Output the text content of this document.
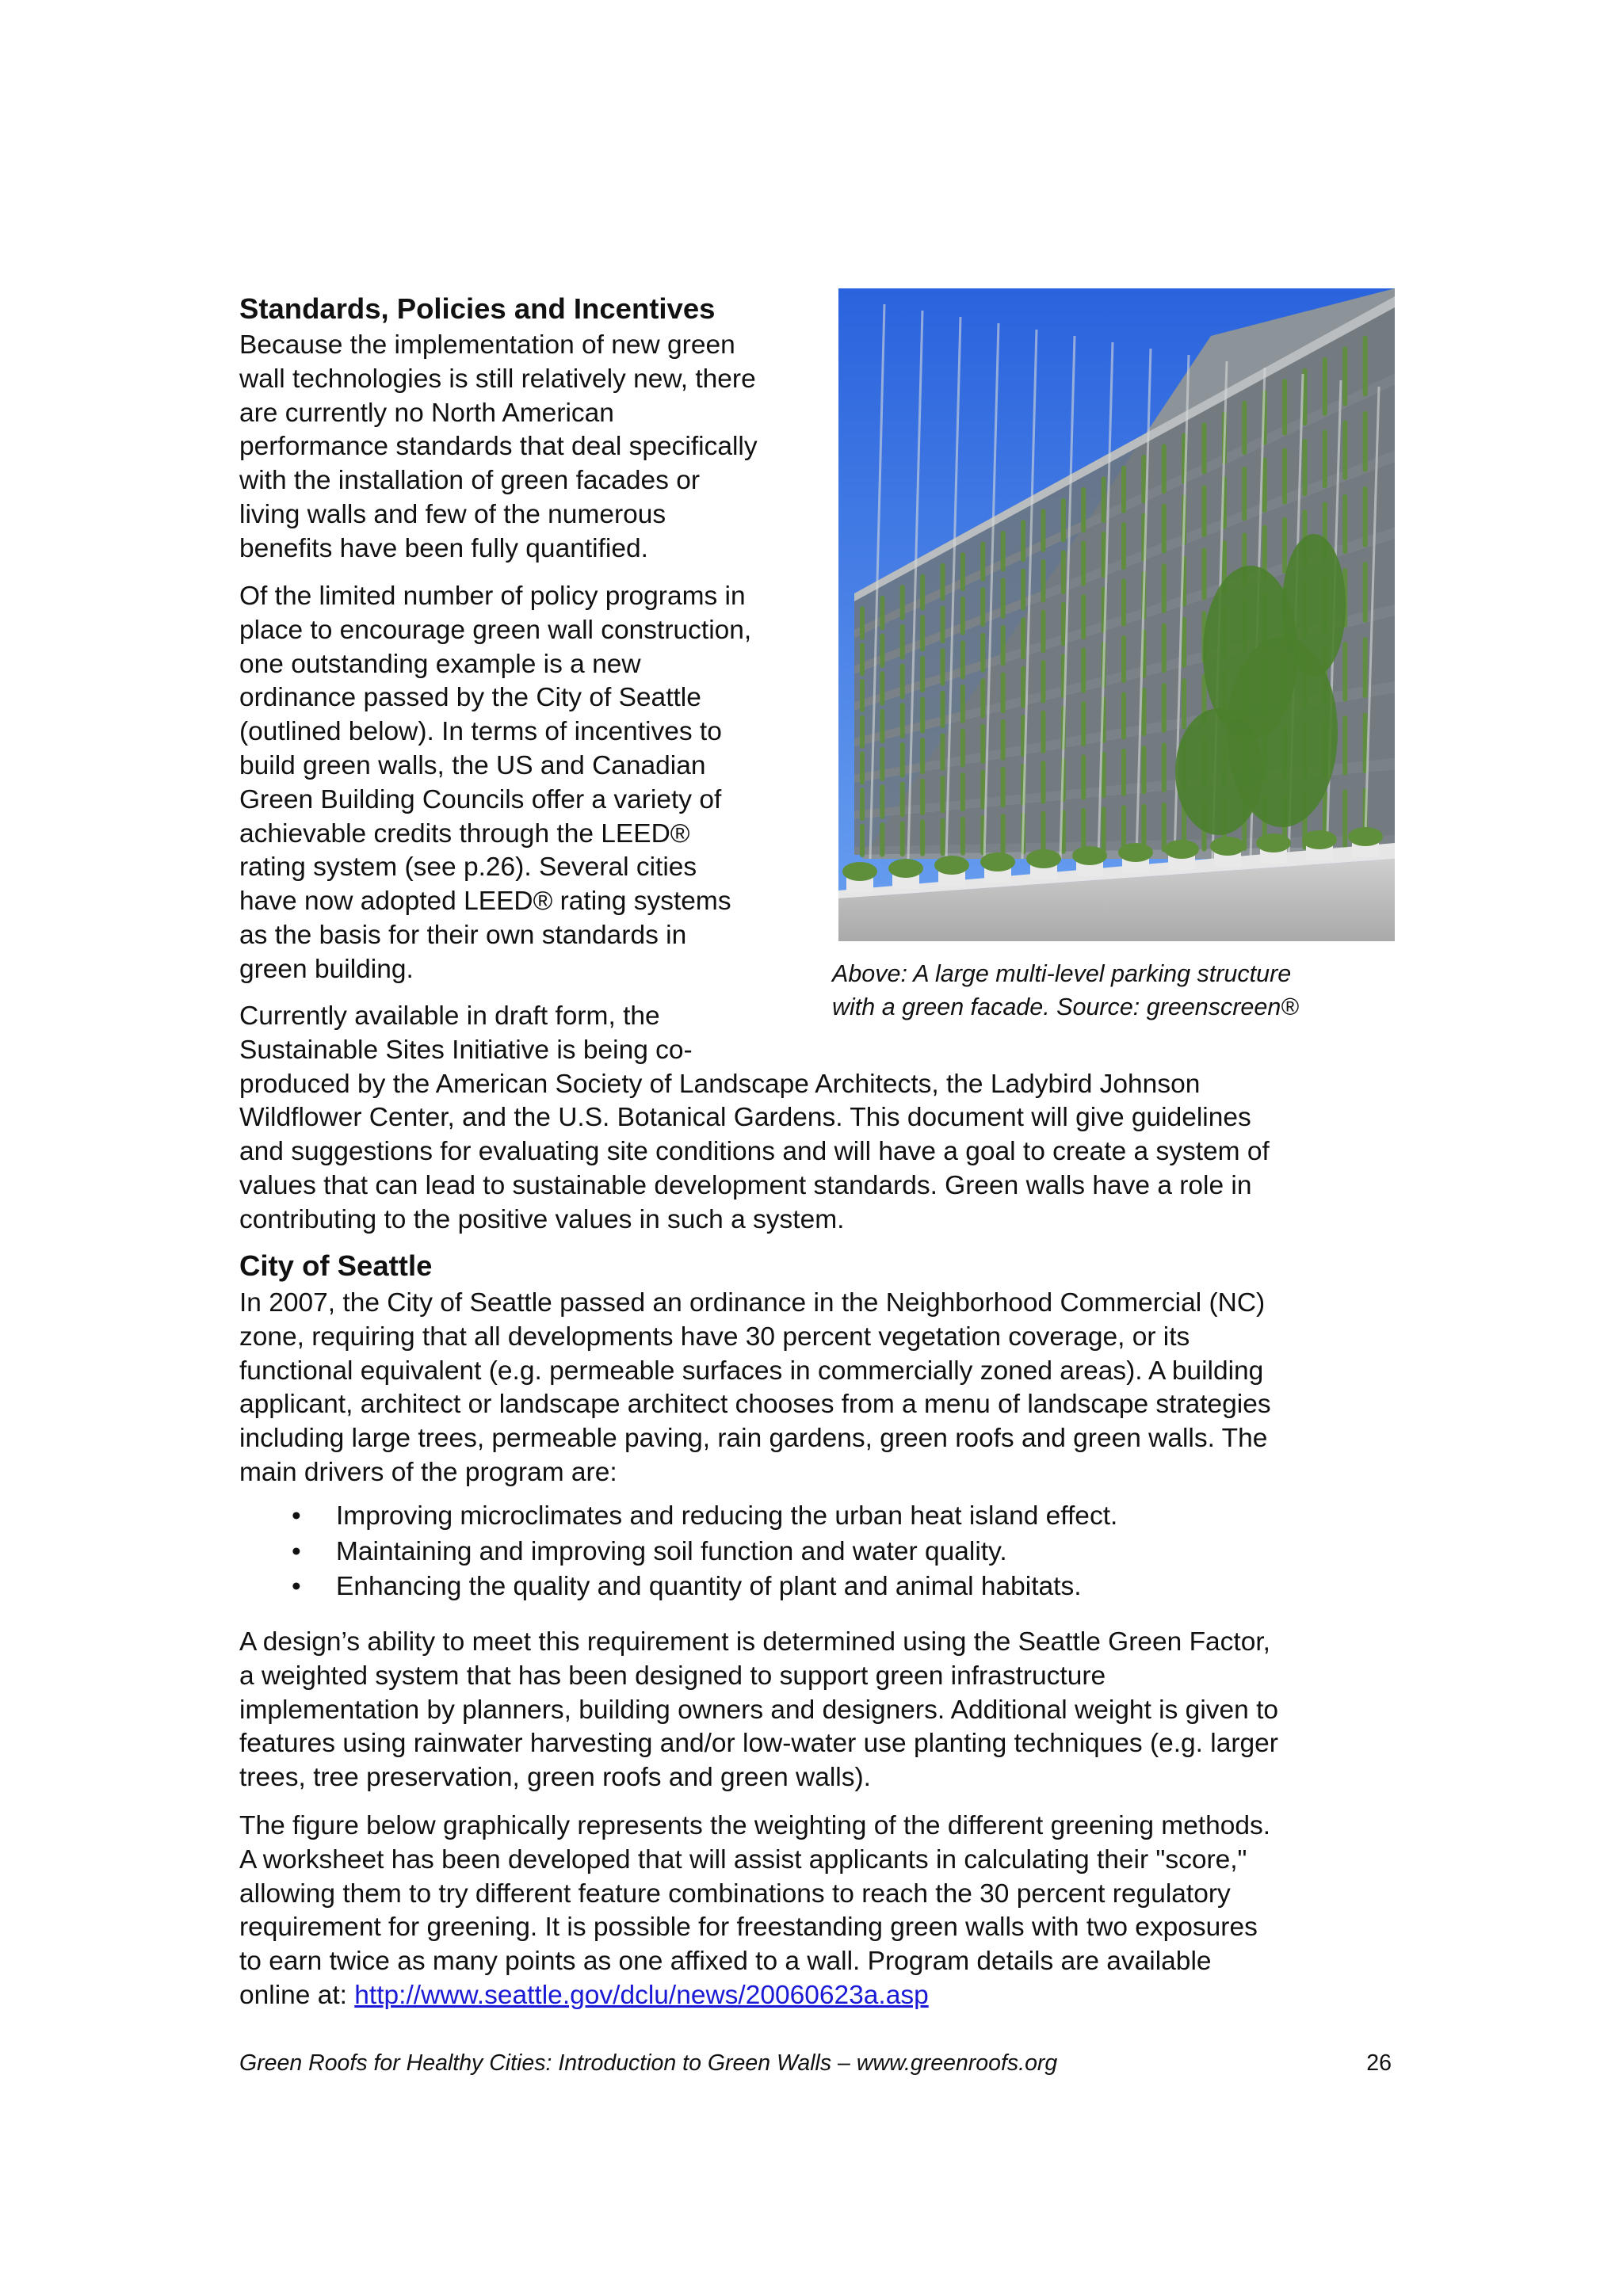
Standards, Policies and Incentives

Because the implementation of new green
wall technologies is still relatively new, there
are currently no North American
performance standards that deal specifically
with the installation of green facades or
living walls and few of the numerous
benefits have been fully quantified.

Of the limited number of policy programs in
place to encourage green wall construction,
one outstanding example is a new
ordinance passed by the City of Seattle
(outlined below). In terms of incentives to
build green walls, the US and Canadian
Green Building Councils offer a variety of
achievable credits through the LEED®
rating system (see p.26). Several cities
have now adopted LEED® rating systems
as the basis for their own standards in
green building.

Currently available in draft form, the
Sustainable Sites Initiative is being co-
produced by the American Society of Landscape Architects, the Ladybird Johnson
Wildflower Center, and the U.S. Botanical Gardens. This document will give guidelines
and suggestions for evaluating site conditions and will have a goal to create a system of
values that can lead to sustainable development standards. Green walls have a role in
contributing to the positive values in such a system.

Above: A large multi-level parking structure
with a green facade. Source: greenscreen®
City of Seattle

In 2007, the City of Seattle passed an ordinance in the Neighborhood Commercial (NC)
zone, requiring that all developments have 30 percent vegetation coverage, or its
functional equivalent (e.g. permeable surfaces in commercially zoned areas). A building
applicant, architect or landscape architect chooses from a menu of landscape strategies
including large trees, permeable paving, rain gardens, green roofs and green walls. The
main drivers of the program are:

• Improving microclimates and reducing the urban heat island effect.
• Maintaining and improving soil function and water quality.
• Enhancing the quality and quantity of plant and animal habitats.

A design’s ability to meet this requirement is determined using the Seattle Green Factor,
a weighted system that has been designed to support green infrastructure
implementation by planners, building owners and designers. Additional weight is given to
features using rainwater harvesting and/or low-water use planting techniques (e.g. larger
trees, tree preservation, green roofs and green walls).

The figure below graphically represents the weighting of the different greening methods.
A worksheet has been developed that will assist applicants in calculating their "score,"
allowing them to try different feature combinations to reach the 30 percent regulatory
requirement for greening. It is possible for freestanding green walls with two exposures
to earn twice as many points as one affixed to a wall. Program details are available
online at: http://www.seattle.gov/dclu/news/20060623a.asp

Green Roofs for Healthy Cities: Introduction to Green Walls – www.greenroofs.org	26
